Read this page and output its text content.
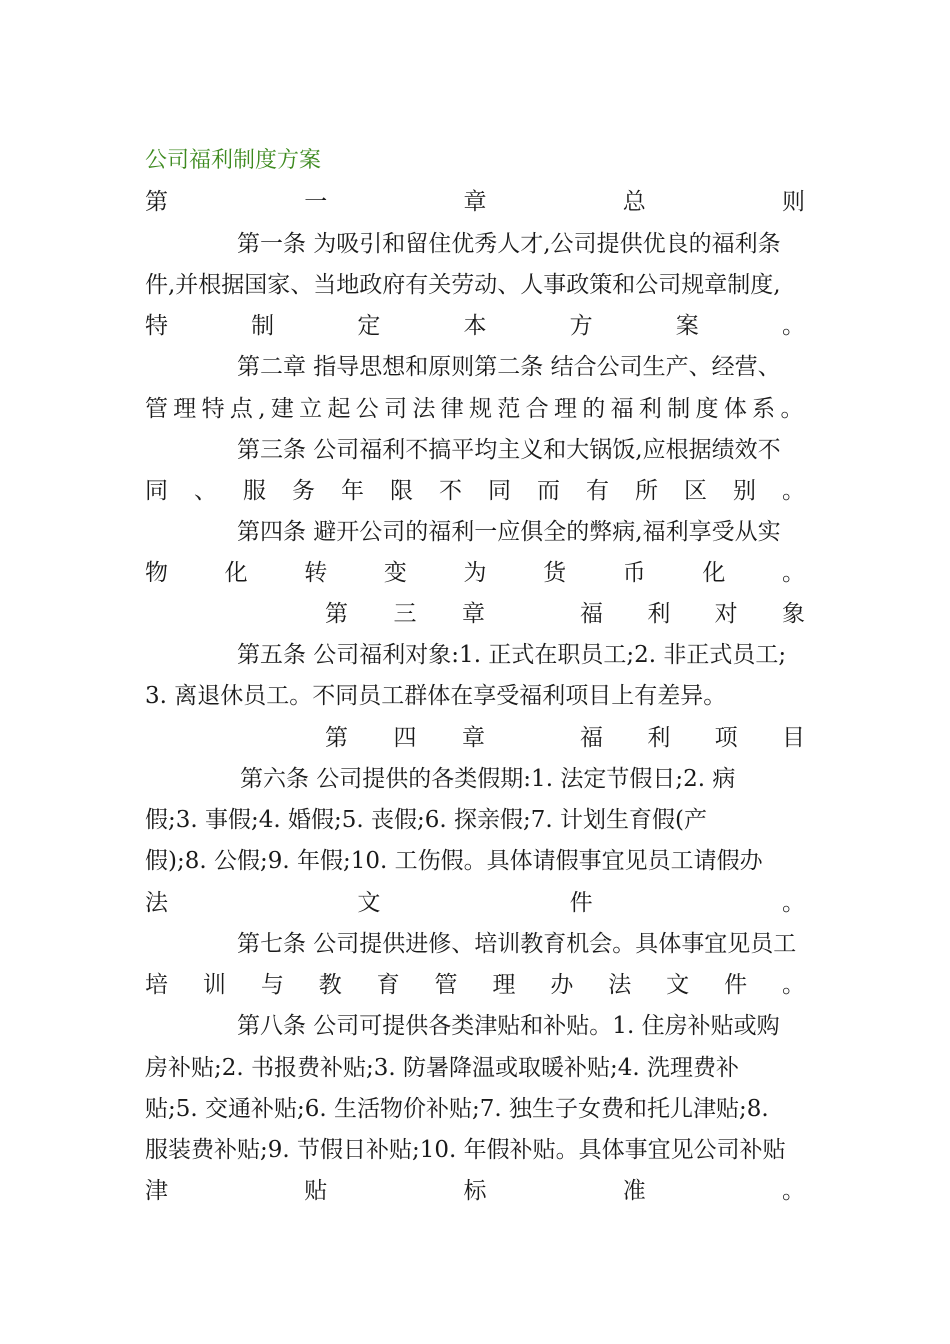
公司福利制度方案
第	一	章	总	则
第一条 为吸引和留住优秀人才,公司提供优良的福利条
件,并根据国家、当地政府有关劳动、人事政策和公司规章制度,
特	制	定	本	方	案	。
第二章 指导思想和原则第二条 结合公司生产、经营、
管 理 特 点 , 建 立 起 公 司 法 律 规 范 合 理 的 福 利 制 度 体 系 。
第三条 公司福利不搞平均主义和大锅饭,应根据绩效不
同 、 服 务 年 限 不 同 而 有 所 区 别 。
第四条 避开公司的福利一应俱全的弊病,福利享受从实
物 化 转 变 为 货 币 化 。
第 三 章	福 利 对 象
第五条 公司福利对象:1. 正式在职员工;2. 非正式员工;
3. 离退休员工。不同员工群体在享受福利项目上有差异。
第 四 章	福 利 项 目
第六条 公司提供的各类假期:1. 法定节假日;2. 病
假;3. 事假;4. 婚假;5. 丧假;6. 探亲假;7. 计划生育假(产
假);8. 公假;9. 年假;10. 工伤假。具体请假事宜见员工请假办
法	文	件	。
第七条 公司提供进修、培训教育机会。具体事宜见员工
培 训 与 教 育 管 理 办 法 文 件 。
第八条 公司可提供各类津贴和补贴。1. 住房补贴或购
房补贴;2. 书报费补贴;3. 防暑降温或取暖补贴;4. 洗理费补
贴;5. 交通补贴;6. 生活物价补贴;7. 独生子女费和托儿津贴;8.
服装费补贴;9. 节假日补贴;10. 年假补贴。具体事宜见公司补贴
津	贴	标	准	。
